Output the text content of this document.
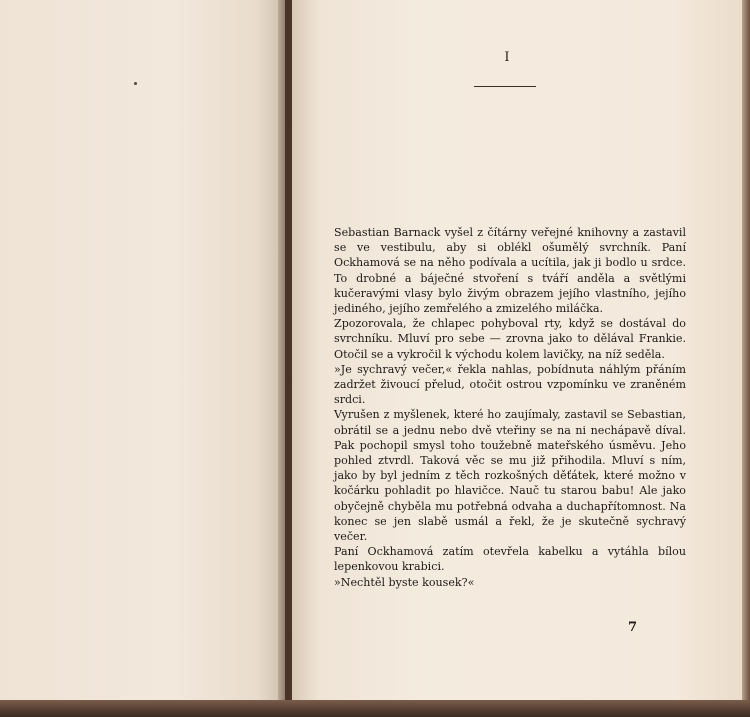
I

Sebastian Barnack vyšel z čítárny veřejné knihovny a zastavil se ve vestibulu, aby si oblékl ošumělý svrchník. Paní Ockhamová se na něho podívala a ucítila, jak ji bodlo u srdce. To drobné a báječné stvoření s tváří anděla a světlými kučeravými vlasy bylo živým obrazem jejího vlastního, jejího jediného, jejího zemřelého a zmizelého miláčka.

Zpozorovala, že chlapec pohyboval rty, když se dostával do svrchníku. Mluví pro sebe — zrovna jako to dělával Frankie. Otočil se a vykročil k východu kolem lavičky, na níž seděla.

»Je sychravý večer,« řekla nahlas, pobídnuta náhlým přáním zadržet živoucí přelud, otočit ostrou vzpomínku ve zraněném srdci.

Vyrušen z myšlenek, které ho zaujímaly, zastavil se Sebastian, obrátil se a jednu nebo dvě vteřiny se na ni nechápavě díval. Pak pochopil smysl toho toužebně mateřského úsměvu. Jeho pohled ztvrdl. Taková věc se mu již přihodila. Mluví s ním, jako by byl jedním z těch rozkošných děťátek, které možno v kočárku pohladit po hlavičce. Nauč tu starou babu! Ale jako obyčejně chyběla mu potřebná odvaha a duchapřítomnost. Na konec se jen slabě usmál a řekl, že je skutečně sychravý večer.

Paní Ockhamová zatím otevřela kabelku a vytáhla bílou lepenkovou krabici.

»Nechtěl byste kousek?«

7
